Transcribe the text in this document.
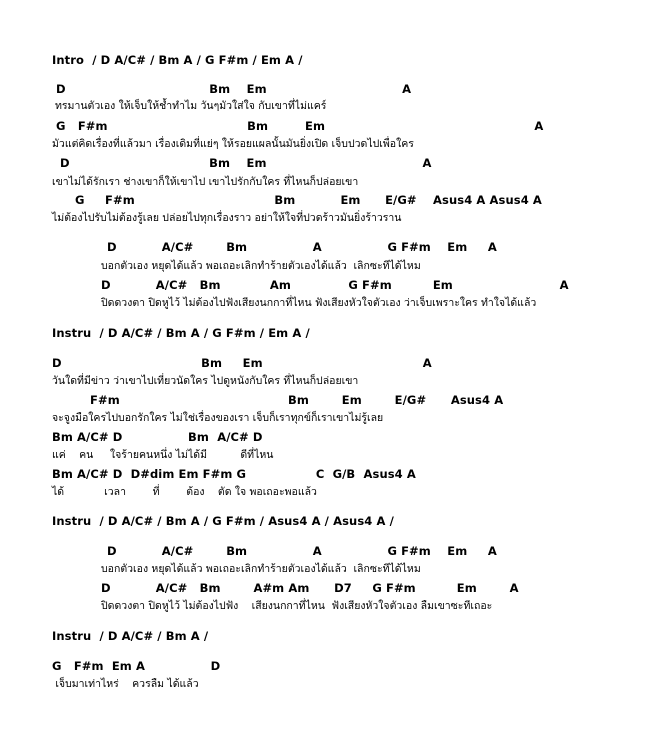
Intro  / D A/C# / Bm A / G F#m / Em A /
D                                   Bm    Em                                 A
ทรมานตัวเอง ให้เจ็บให้ช้ำทำไม วันๆมัวใส่ใจ กับเขาที่ไม่แคร์
G   F#m                                  Bm         Em                                                   A
มัวแต่คิดเรื่องที่แล้วมา เรื่องเดิมที่แย่ๆ ให้รอยแผลนั้นมันยิ่งเปิด เจ็บปวดไปเพื่อใคร
D                                  Bm    Em                                      A
เขาไม่ได้รักเรา ช่างเขาก็ให้เขาไป เขาไปรักกับใคร ที่ไหนก็ปล่อยเขา
G     F#m                                  Bm           Em      E/G#    Asus4 A Asus4 A
ไม่ต้องไปรับไม่ต้องรู้เลย ปล่อยไปทุกเรื่องราว อย่าให้ใจที่ปวดร้าวมันยิ่งร้าวราน
D           A/C#        Bm                A                G F#m    Em     A
บอกตัวเอง หยุดได้แล้ว พอเถอะเลิกทำร้ายตัวเองได้แล้ว  เลิกซะทีได้ไหม
D           A/C#   Bm            Am              G F#m          Em                          A
ปิดดวงตา ปิดหูไว้ ไม่ต้องไปฟังเสียงนกกาที่ไหน ฟังเสียงหัวใจตัวเอง ว่าเจ็บเพราะใคร ทำใจได้แล้ว
Instru  / D A/C# / Bm A / G F#m / Em A /
D                                  Bm     Em                                       A
วันใดที่มีข่าว ว่าเขาไปเที่ยวนัดใคร ไปดูหนังกับใคร ที่ไหนก็ปล่อยเขา
F#m                                         Bm        Em        E/G#      Asus4 A
จะจูงมือใครไปบอกรักใคร ไม่ใช่เรื่องของเรา เจ็บก็เราทุกข์ก็เราเขาไม่รู้เลย
Bm A/C# D                Bm  A/C# D
แค่    คน     ใจร้ายคนหนึ่ง ไม่ได้มี          ดีที่ไหน
Bm A/C# D  D#dim Em F#m G                 C  G/B  Asus4 A
ได้            เวลา        ที่        ต้อง    ตัด ใจ พอเถอะพอแล้ว
Instru  / D A/C# / Bm A / G F#m / Asus4 A / Asus4 A /
D           A/C#        Bm                A                G F#m    Em     A
บอกตัวเอง หยุดได้แล้ว พอเถอะเลิกทำร้ายตัวเองได้แล้ว  เลิกซะทีได้ไหม
D           A/C#   Bm        A#m Am      D7     G F#m          Em        A
ปิดดวงตา ปิดหูไว้ ไม่ต้องไปฟัง    เสียงนกกาที่ไหน  ฟังเสียงหัวใจตัวเอง ลืมเขาซะทีเถอะ
Instru  / D A/C# / Bm A /
G   F#m  Em A                D
เจ็บมาเท่าไหร่    ควรลืม ได้แล้ว
